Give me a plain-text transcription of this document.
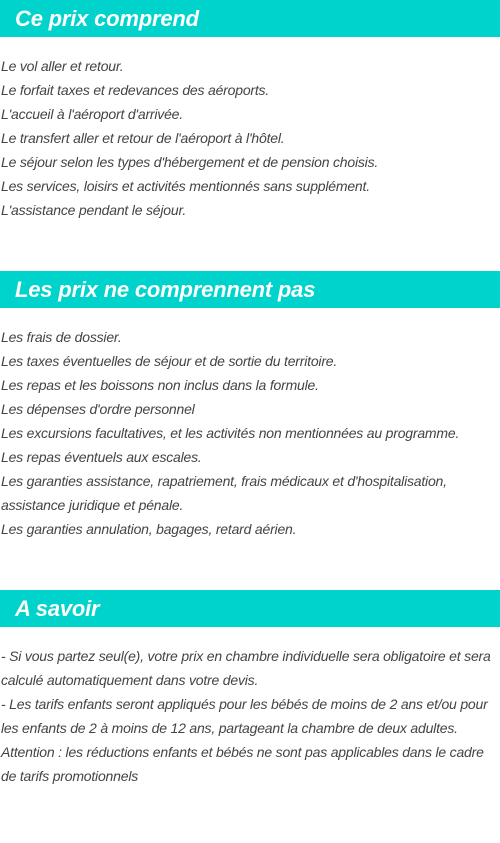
Ce prix comprend
Le vol aller et retour.
Le forfait taxes et redevances des aéroports.
L'accueil à l'aéroport d'arrivée.
Le transfert aller et retour de l'aéroport à l'hôtel.
Le séjour selon les types d'hébergement et de pension choisis.
Les services, loisirs et activités mentionnés sans supplément.
L'assistance pendant le séjour.
Les prix ne comprennent pas
Les frais de dossier.
Les taxes éventuelles de séjour et de sortie du territoire.
Les repas et les boissons non inclus dans la formule.
Les dépenses d'ordre personnel
Les excursions facultatives, et les activités non mentionnées au programme.
Les repas éventuels aux escales.
Les garanties assistance, rapatriement, frais médicaux et d'hospitalisation, assistance juridique et pénale.
Les garanties annulation, bagages, retard aérien.
A savoir
- Si vous partez seul(e), votre prix en chambre individuelle sera obligatoire et sera calculé automatiquement dans votre devis.
- Les tarifs enfants seront appliqués pour les bébés de moins de 2 ans et/ou pour les enfants de 2 à moins de 12 ans, partageant la chambre de deux adultes.
Attention : les réductions enfants et bébés ne sont pas applicables dans le cadre de tarifs promotionnels
